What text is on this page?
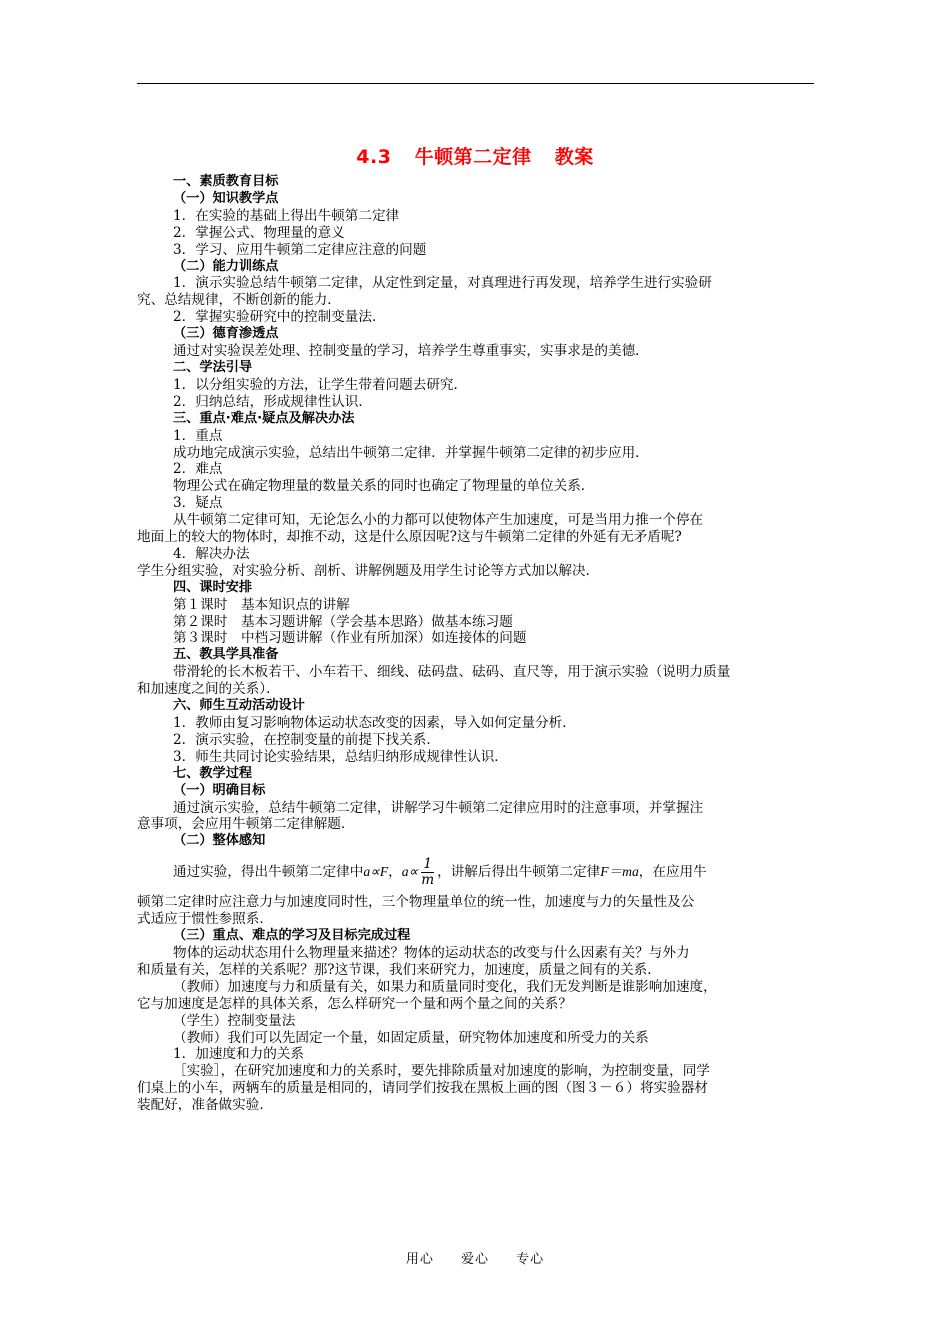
4.3 牛顿第二定律 教案
一、素质教育目标
（一）知识教学点
1．在实验的基础上得出牛顿第二定律
2．掌握公式、物理量的意义
3．学习、应用牛顿第二定律应注意的问题
（二）能力训练点
1．演示实验总结牛顿第二定律，从定性到定量，对真理进行再发现，培养学生进行实验研
究、总结规律，不断创新的能力．
2．掌握实验研究中的控制变量法．
（三）德育渗透点
通过对实验误差处理、控制变量的学习，培养学生尊重事实，实事求是的美德．
二、学法引导
1．以分组实验的方法，让学生带着问题去研究．
2．归纳总结，形成规律性认识．
三、重点·难点·疑点及解决办法
1．重点
成功地完成演示实验，总结出牛顿第二定律．并掌握牛顿第二定律的初步应用．
2．难点
物理公式在确定物理量的数量关系的同时也确定了物理量的单位关系．
3．疑点
从牛顿第二定律可知，无论怎么小的力都可以使物体产生加速度，可是当用力推一个停在
地面上的较大的物体时，却推不动，这是什么原因呢?这与牛顿第二定律的外延有无矛盾呢?
4．解决办法
学生分组实验，对实验分析、剖析、讲解例题及用学生讨论等方式加以解决．
四、课时安排
第１课时　基本知识点的讲解
第２课时　基本习题讲解（学会基本思路）做基本练习题
第３课时　中档习题讲解（作业有所加深）如连接体的问题
五、教具学具准备
带滑轮的长木板若干、小车若干、细线、砝码盘、砝码、直尺等，用于演示实验（说明力质量
和加速度之间的关系）．
六、师生互动活动设计
1．教师由复习影响物体运动状态改变的因素，导入如何定量分析．
2．演示实验，在控制变量的前提下找关系．
3．师生共同讨论实验结果，总结归纳形成规律性认识．
七、教学过程
（一）明确目标
通过演示实验，总结牛顿第二定律，讲解学习牛顿第二定律应用时的注意事项，并掌握注
意事项，会应用牛顿第二定律解题．
（二）整体感知
通过实验，得出牛顿第二定律中 a∝F ， $a\propto \frac{1}{m}$ ，讲解后得出牛顿第二定律 F＝ma ，在应用牛
顿第二定律时应注意力与加速度同时性，三个物理量单位的统一性，加速度与力的矢量性及公
式适应于惯性参照系．
（三）重点、难点的学习及目标完成过程
物体的运动状态用什么物理量来描述？物体的运动状态的改变与什么因素有关？与外力
和质量有关，怎样的关系呢？那?这节课，我们来研究力，加速度，质量之间有的关系．
（教师）加速度与力和质量有关，如果力和质量同时变化，我们无发判断是谁影响加速度，
它与加速度是怎样的具体关系，怎么样研究一个量和两个量之间的关系？
（学生）控制变量法
（教师）我们可以先固定一个量，如固定质量，研究物体加速度和所受力的关系
1．加速度和力的关系
［实验］，在研究加速度和力的关系时，要先排除质量对加速度的影响，为控制变量，同学
们桌上的小车，两辆车的质量是相同的，请同学们按我在黑板上画的图（图３－６）将实验器材
装配好，准备做实验．
用心 爱心 专心
